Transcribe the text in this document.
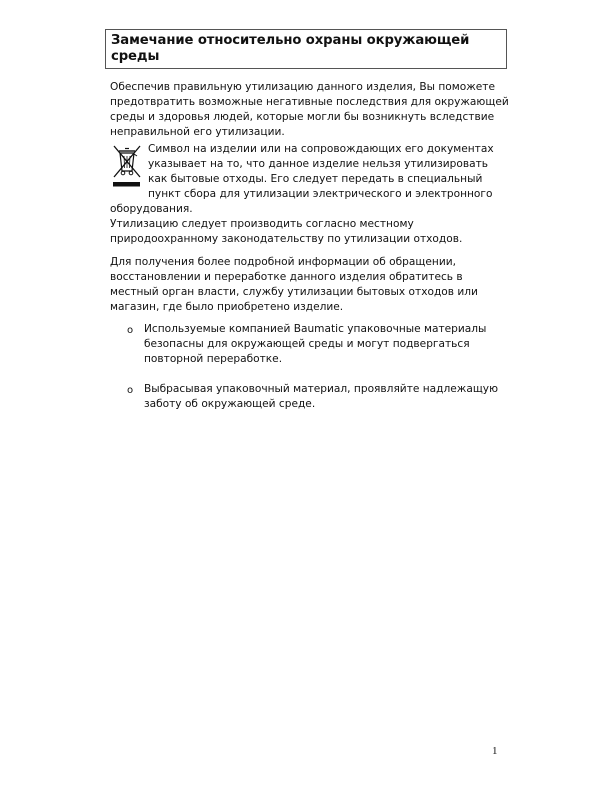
Замечание относительно охраны окружающей среды

Обеспечив правильную утилизацию данного изделия, Вы поможете предотвратить возможные негативные последствия для окружающей среды и здоровья людей, которые могли бы возникнуть вследствие неправильной его утилизации.

Символ на изделии или на сопровождающих его документах указывает на то, что данное изделие нельзя утилизировать как бытовые отходы. Его следует передать в специальный пункт сбора для утилизации электрического и электронного оборудования.

Утилизацию следует производить согласно местному природоохранному законодательству по утилизации отходов.

Для получения более подробной информации об обращении, восстановлении и переработке данного изделия обратитесь в местный орган власти, службу утилизации бытовых отходов или магазин, где было приобретено изделие.

o Используемые компанией Baumatic упаковочные материалы безопасны для окружающей среды и могут подвергаться повторной переработке.
o Выбрасывая упаковочный материал, проявляйте надлежащую заботу об окружающей среде.
1
